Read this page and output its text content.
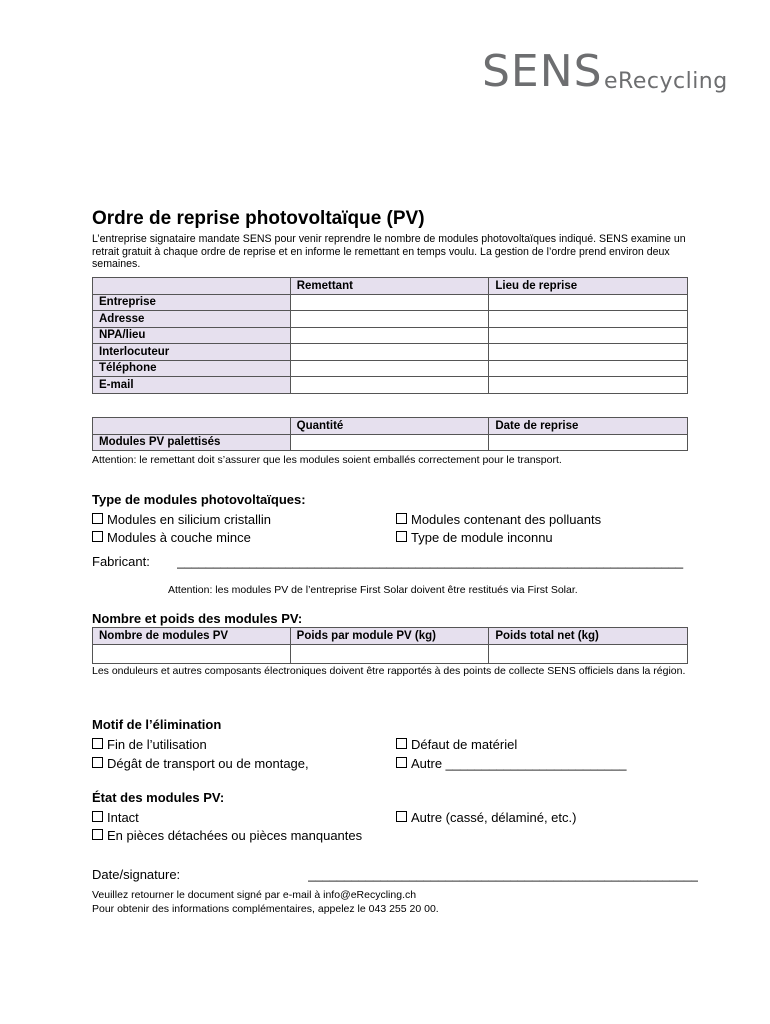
SENS eRecycling
Ordre de reprise photovoltaïque (PV)
L’entreprise signataire mandate SENS pour venir reprendre le nombre de modules photovoltaïques indiqué. SENS examine un retrait gratuit à chaque ordre de reprise et en informe le remettant en temps voulu. La gestion de l’ordre prend environ deux semaines.
	Remettant	Lieu de reprise
Entreprise		
Adresse		
NPA/lieu		
Interlocuteur		
Téléphone		
E-mail		
	Quantité	Date de reprise
Modules PV palettisés		
Attention: le remettant doit s’assurer que les modules soient emballés correctement pour le transport.
Type de modules photovoltaïques:
Modules en silicium cristallin	Modules contenant des polluants
Modules à couche mince	Type de module inconnu
Fabricant: ______________________________________________________________________
Attention: les modules PV de l’entreprise First Solar doivent être restitués via First Solar.
Nombre et poids des modules PV:
Nombre de modules PV	Poids par module PV (kg)	Poids total net (kg)

Les onduleurs et autres composants électroniques doivent être rapportés à des points de collecte SENS officiels dans la région.
Motif de l’élimination
Fin de l’utilisation	Défaut de matériel
Dégât de transport ou de montage,	Autre _________________________
État des modules PV:
Intact	Autre (cassé, délaminé, etc.)
En pièces détachées ou pièces manquantes
Date/signature:	______________________________________________________
Veuillez retourner le document signé par e-mail à info@eRecycling.ch
Pour obtenir des informations complémentaires, appelez le 043 255 20 00.
